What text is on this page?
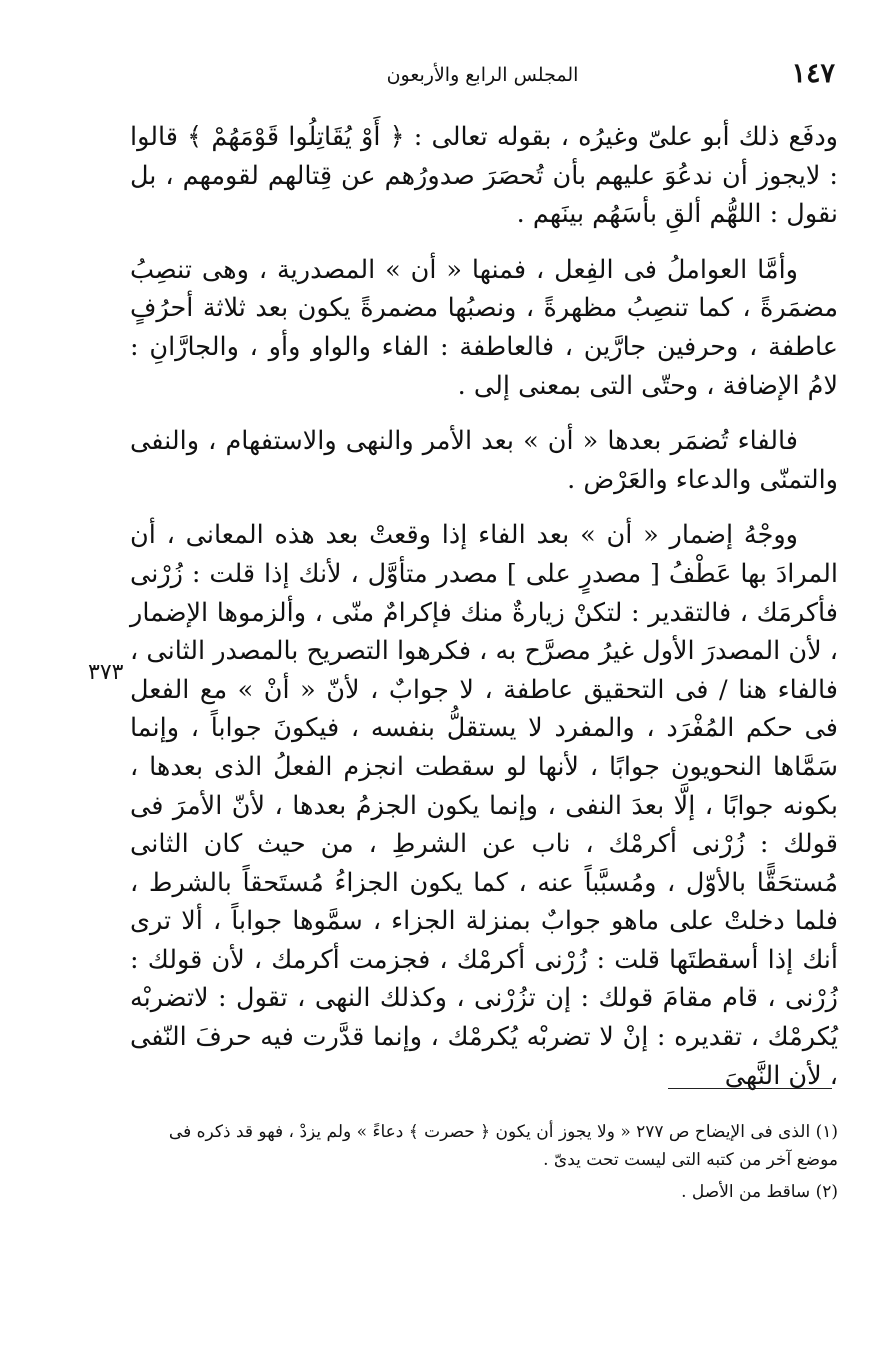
١٤٧
المجلس الرابع والأربعون

ودفَع ذلك أبو علىّ وغيرُه ، بقوله تعالى : ﴿ أَوْ يُقَاتِلُوا قَوْمَهُمْ ﴾ قالوا : لايجوز أن ندعُوَ عليهم بأن تُحصَرَ صدورُهم عن قِتالهم لقومهم ، بل نقول : اللهُّم ألقِ بأسَهُم بينَهم .

وأمَّا العواملُ فى الفِعل ، فمنها « أن » المصدرية ، وهى تنصِبُ مضمَرةً ، كما تنصِبُ مظهرةً ، ونصبُها مضمرةً يكون بعد ثلاثة أحرُفٍ عاطفة ، وحرفين جارَّين ، فالعاطفة : الفاء والواو وأو ، والجارَّانِ : لامُ الإضافة ، وحتّى التى بمعنى إلى .

فالفاء تُضمَر بعدها « أن » بعد الأمر والنهى والاستفهام ، والنفى والتمنّى والدعاء والعَرْض .

ووجْهُ إضمار « أن » بعد الفاء إذا وقعتْ بعد هذه المعانى ، أن المرادَ بها عَطْفُ [ مصدرٍ على ] مصدر متأوَّل ، لأنك إذا قلت : زُرْنى فأكرمَك ، فالتقدير : لتكنْ زيارةٌ منك فإكرامٌ منّى ، وألزموها الإضمار ، لأن المصدرَ الأول غيرُ مصرَّح به ، فكرهوا التصريح بالمصدر الثانى ، فالفاء هنا / فى التحقيق عاطفة ، لا جوابٌ ، لأنّ « أنْ » مع الفعل فى حكم المُفْرَد ، والمفرد لا يستقلُّ بنفسه ، فيكونَ جواباً ، وإنما سَمَّاها النحويون جوابًا ، لأنها لو سقطت انجزم الفعلُ الذى بعدها ، بكونه جوابًا ، إلَّا بعدَ النفى ، وإنما يكون الجزمُ بعدها ، لأنّ الأمرَ فى قولك : زُرْنى أكرمْك ، ناب عن الشرطِ ، من حيث كان الثانى مُستحَقًّا بالأوّل ، ومُسبَّباً عنه ، كما يكون الجزاءُ مُستَحقاً بالشرط ، فلما دخلتْ على ماهو جوابٌ بمنزلة الجزاء ، سمَّوها جواباً ، ألا ترى أنك إذا أسقطتَها قلت : زُرْنى أكرمْك ، فجزمت أكرمك ، لأن قولك : زُرْنى ، قام مقامَ قولك : إن تزُرْنى ، وكذلك النهى ، تقول : لاتضربْه يُكرمْك ، تقديره : إنْ لا تضربْه يُكرمْك ، وإنما قدَّرت فيه حرفَ النّفى ، لأن النَّهىَ

٣٧٣

(١) الذى فى الإيضاح ص ٢٧٧ « ولا يجوز أن يكون ﴿ حصرت ﴾ دعاءً » ولم يزدْ ، فهو قد ذكره فى موضع آخر من كتبه التى ليست تحت يدىّ .

(٢) ساقط من الأصل .
